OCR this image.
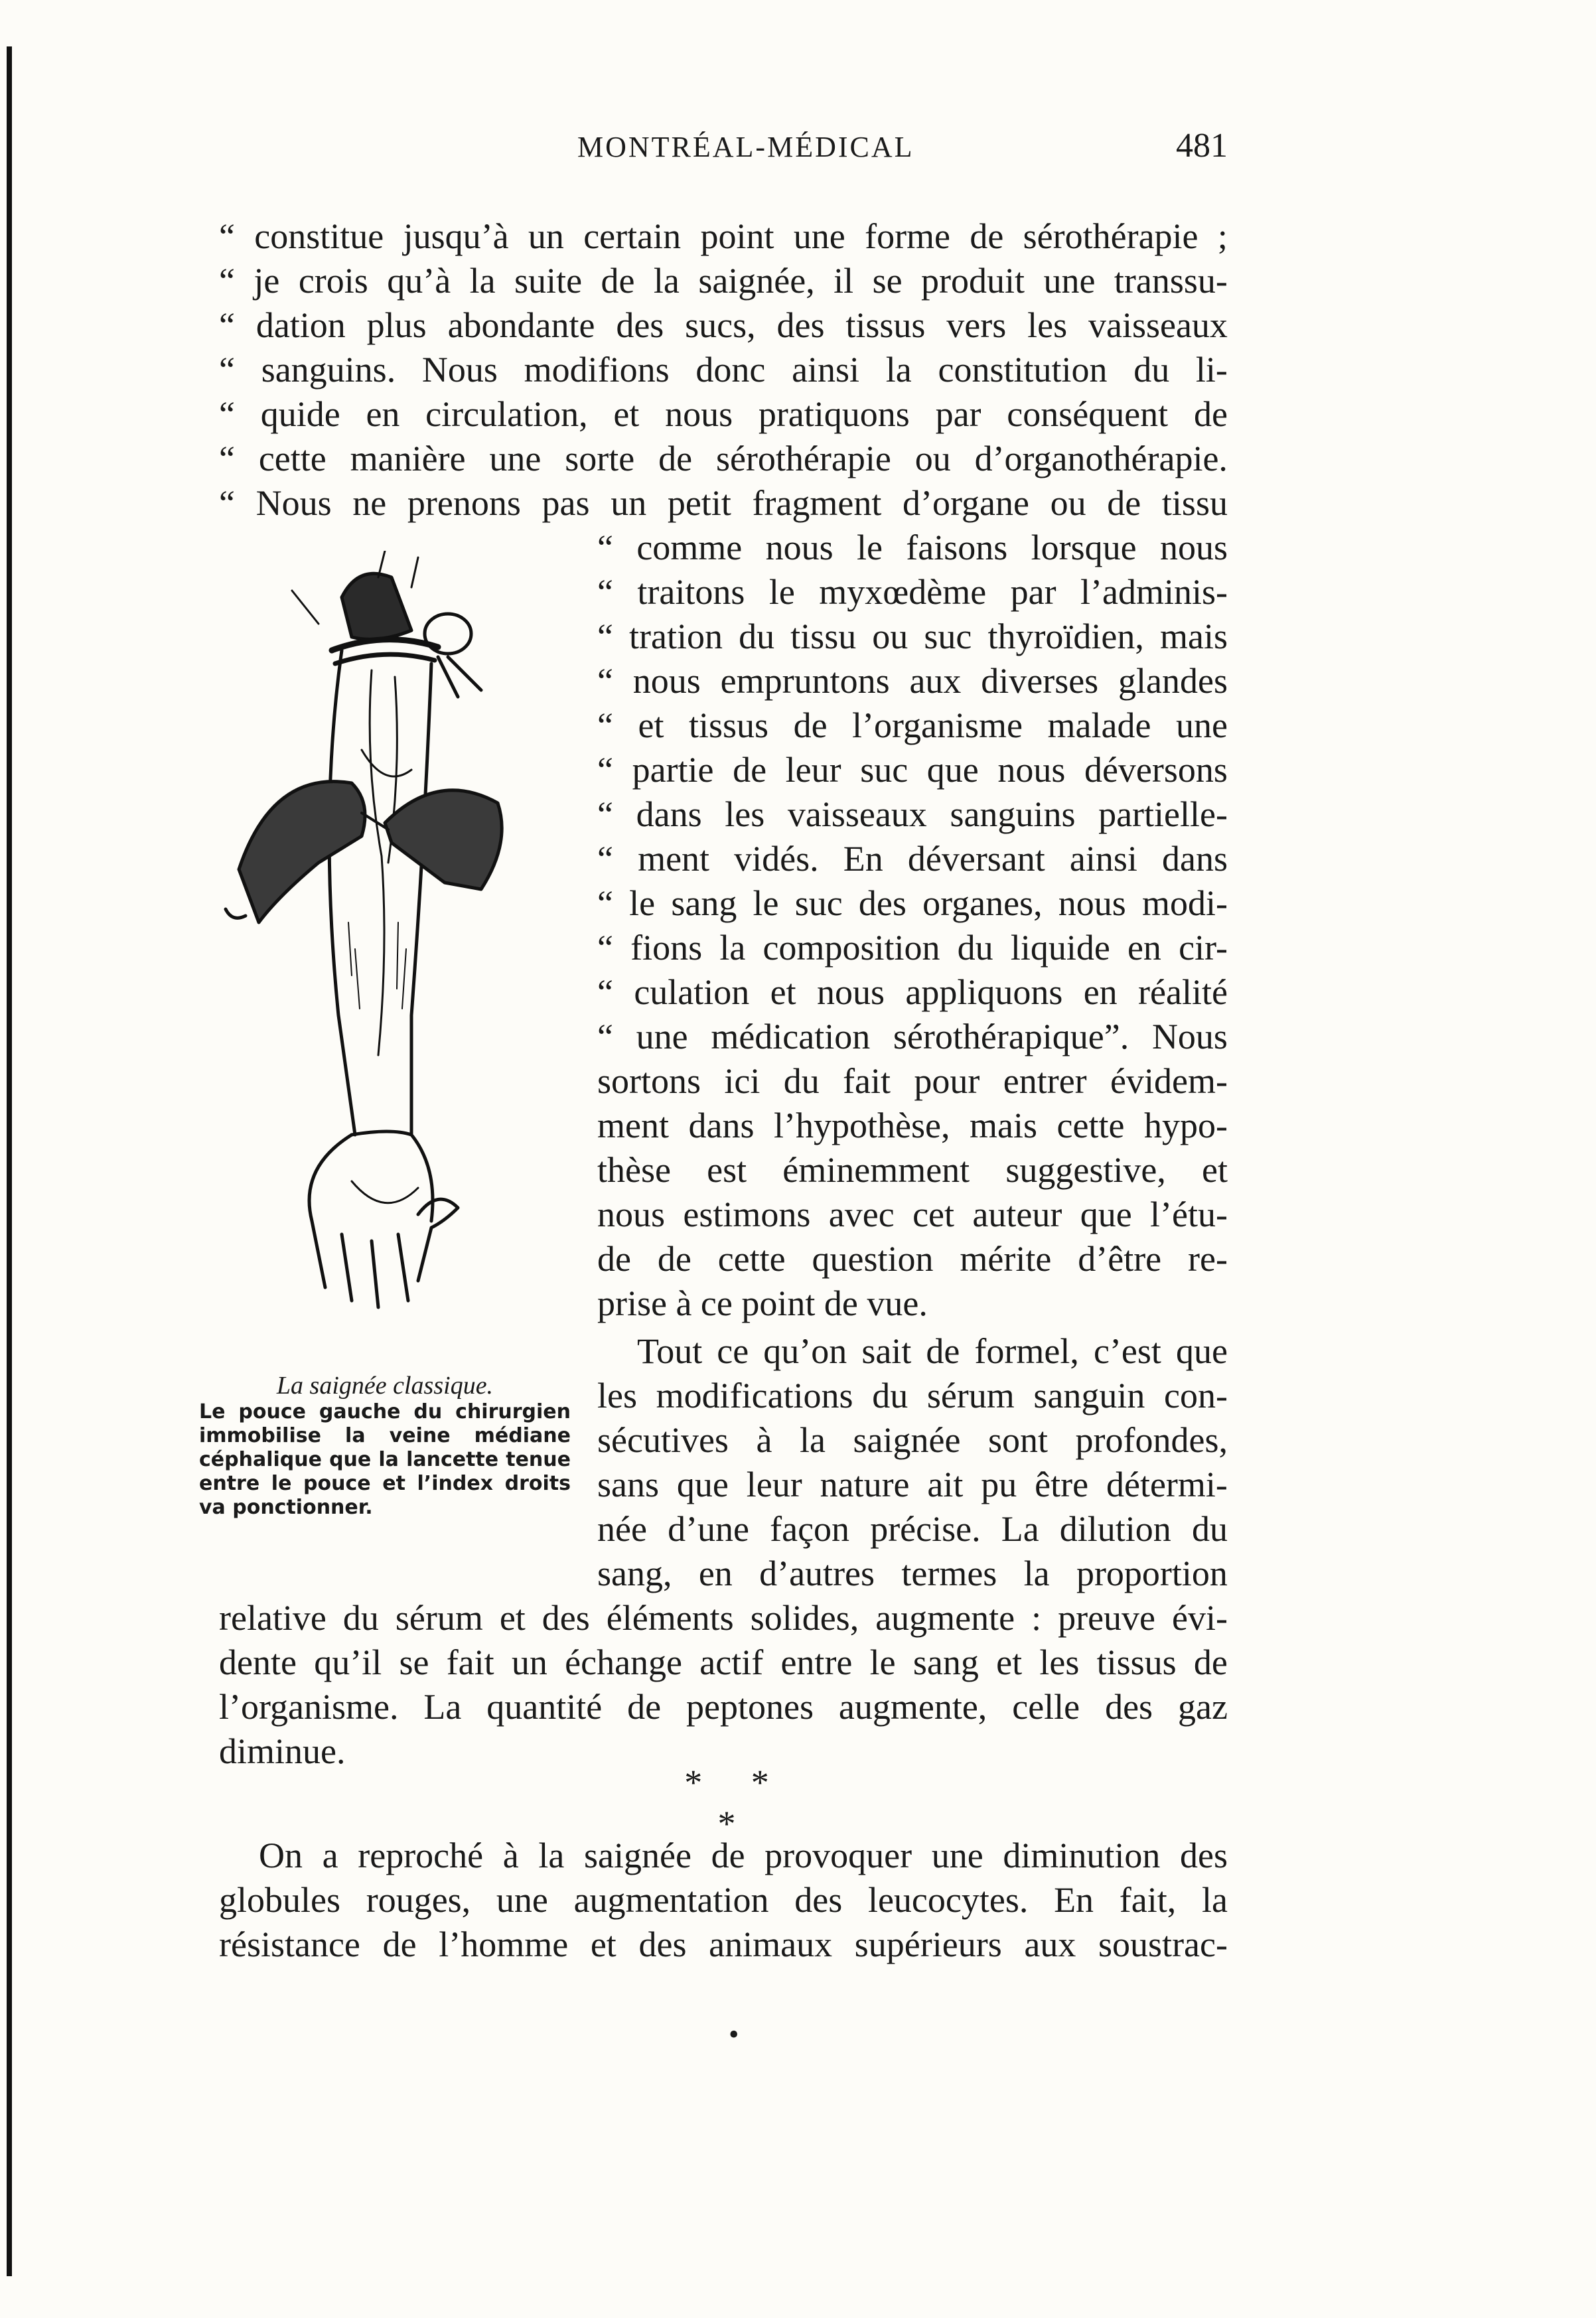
MONTRÉAL-MÉDICAL	481
“ constitue jusqu’à un certain point une forme de sérothérapie ;
“ je crois qu’à la suite de la saignée, il se produit une transsu-
“ dation plus abondante des sucs, des tissus vers les vaisseaux
“ sanguins. Nous modifions donc ainsi la constitution du li-
“ quide en circulation, et nous pratiquons par conséquent de
“ cette manière une sorte de sérothérapie ou d’organothérapie.
“ Nous ne prenons pas un petit fragment d’organe ou de tissu
“ comme nous le faisons lorsque nous
“ traitons le myxœdème par l’adminis-
“ tration du tissu ou suc thyroïdien, mais
“ nous empruntons aux diverses glandes
“ et tissus de l’organisme malade une
“ partie de leur suc que nous déversons
“ dans les vaisseaux sanguins partielle-
“ ment vidés. En déversant ainsi dans
“ le sang le suc des organes, nous modi-
“ fions la composition du liquide en cir-
“ culation et nous appliquons en réalité
“ une médication sérothérapique”. Nous
sortons ici du fait pour entrer évidem-
ment dans l’hypothèse, mais cette hypo-
thèse est éminemment suggestive, et
nous estimons avec cet auteur que l’étu-
de de cette question mérite d’être re-
prise à ce point de vue.
Tout ce qu’on sait de formel, c’est que
les modifications du sérum sanguin con-
sécutives à la saignée sont profondes,
sans que leur nature ait pu être détermi-
née d’une façon précise. La dilution du
sang, en d’autres termes la proportion
relative du sérum et des éléments solides, augmente : preuve évi-
dente qu’il se fait un échange actif entre le sang et les tissus de
l’organisme. La quantité de peptones augmente, celle des gaz
diminue.
* * *
On a reproché à la saignée de provoquer une diminution des
globules rouges, une augmentation des leucocytes. En fait, la
résistance de l’homme et des animaux supérieurs aux soustrac-
La saignée classique.
Le pouce gauche du chirurgien immobilise la veine médiane céphalique que la lancette tenue entre le pouce et l’index droits va ponctionner.
•
